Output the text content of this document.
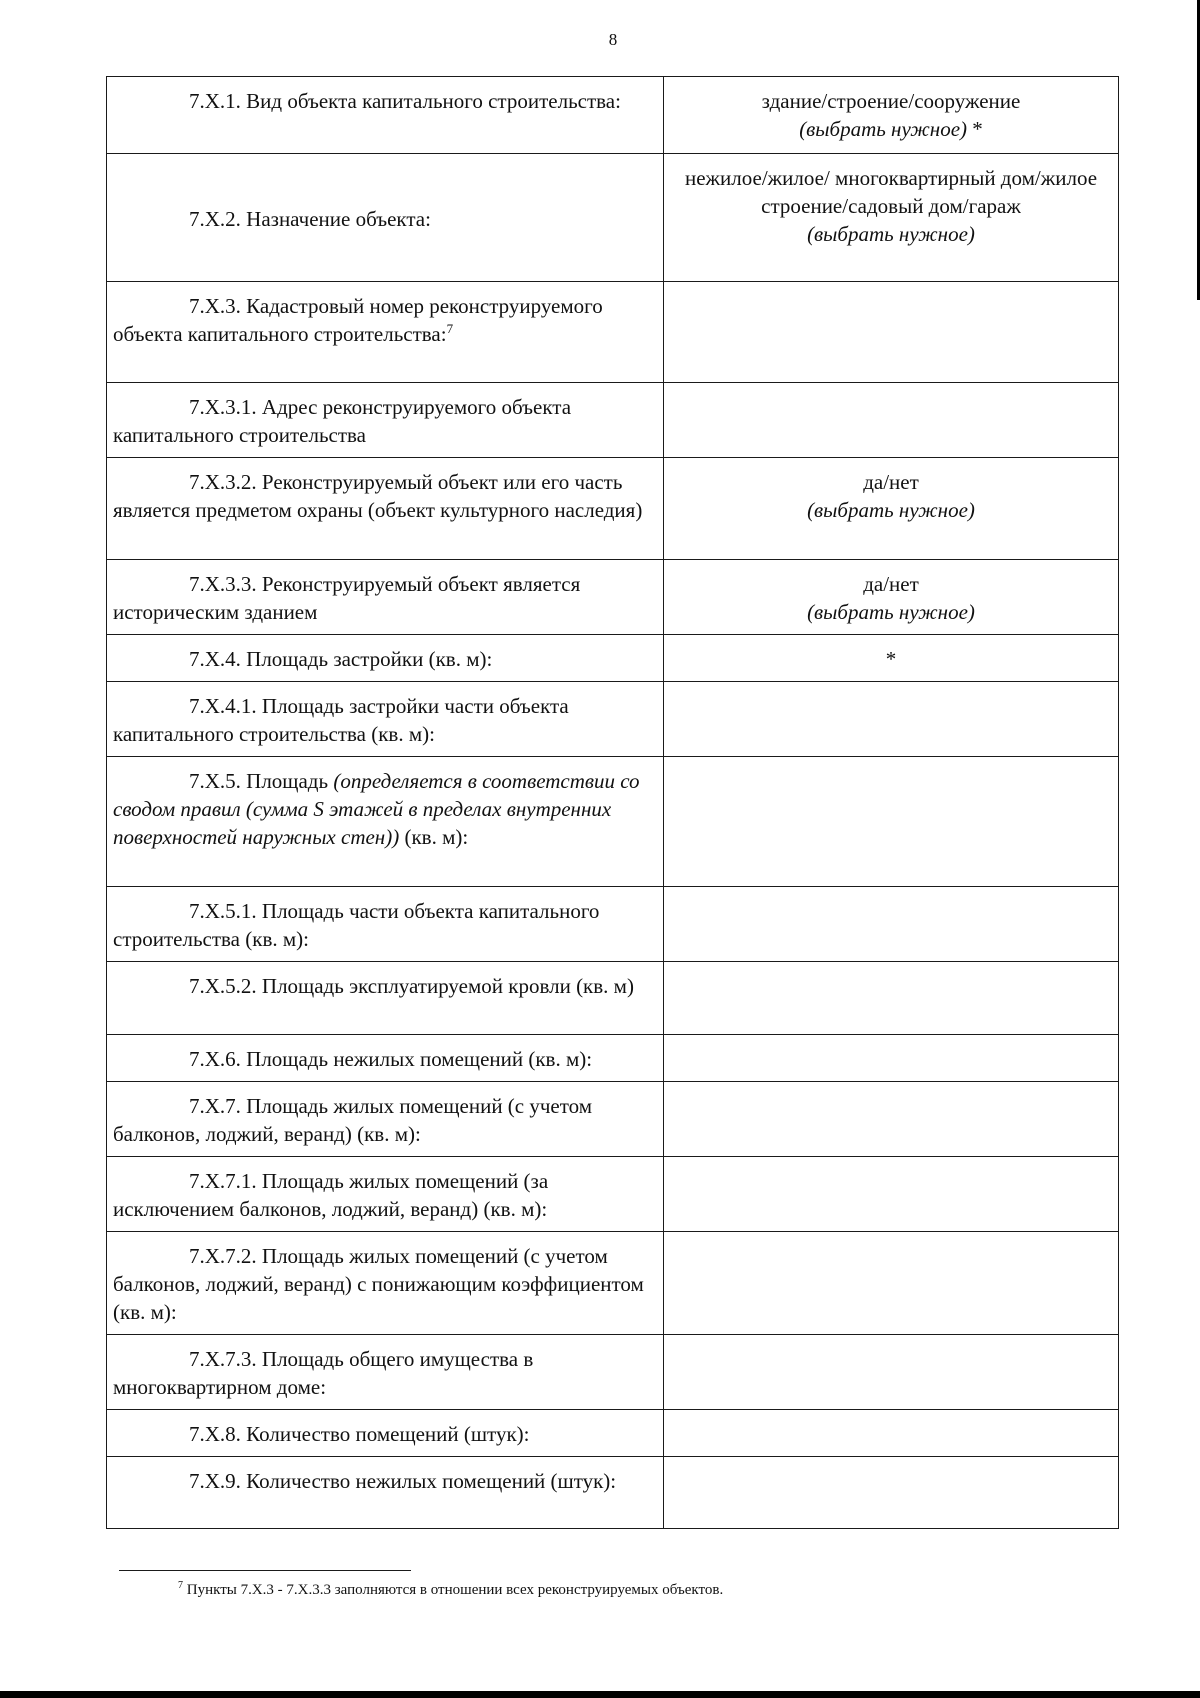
8
7.Х.1. Вид объекта капитального строительства:	здание/строение/сооружение
(выбрать нужное) *
7.Х.2. Назначение объекта:	нежилое/жилое/ многоквартирный дом/жилое строение/садовый дом/гараж
(выбрать нужное)
7.Х.3. Кадастровый номер реконструируемого объекта капитального строительства:$^7$	
7.Х.3.1. Адрес реконструируемого объекта капитального строительства	
7.Х.3.2. Реконструируемый объект или его часть является предметом охраны (объект культурного наследия)	да/нет
(выбрать нужное)
7.Х.3.3. Реконструируемый объект является историческим зданием	да/нет
(выбрать нужное)
7.Х.4. Площадь застройки (кв. м):	*
7.Х.4.1. Площадь застройки части объекта капитального строительства (кв. м):	
7.Х.5. Площадь (определяется в соответствии со сводом правил (сумма S этажей в пределах внутренних поверхностей наружных стен)) (кв. м):	
7.Х.5.1. Площадь части объекта капитального строительства (кв. м):	
7.Х.5.2. Площадь эксплуатируемой кровли (кв. м)	
7.Х.6. Площадь нежилых помещений (кв. м):	
7.Х.7. Площадь жилых помещений (с учетом балконов, лоджий, веранд) (кв. м):	
7.Х.7.1. Площадь жилых помещений (за исключением балконов, лоджий, веранд) (кв. м):	
7.Х.7.2. Площадь жилых помещений (с учетом балконов, лоджий, веранд) с понижающим коэффициентом (кв. м):	
7.Х.7.3. Площадь общего имущества в многоквартирном доме:	
7.Х.8. Количество помещений (штук):	
7.Х.9. Количество нежилых помещений (штук):	
$^7$ Пункты 7.Х.3 - 7.Х.3.3 заполняются в отношении всех реконструируемых объектов.
